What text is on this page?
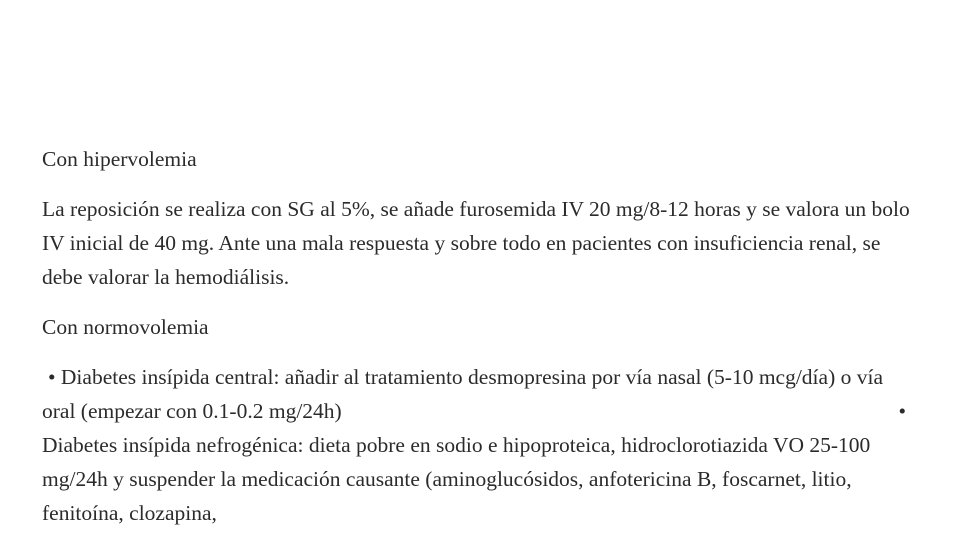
Con hipervolemia

La reposición se realiza con SG al 5%, se añade furosemida IV 20 mg/8-12 horas y se valora un bolo IV inicial de 40 mg. Ante una mala respuesta y sobre todo en pacientes con insuficiencia renal, se debe valorar la hemodiálisis.

Con normovolemia

• Diabetes insípida central: añadir al tratamiento desmopresina por vía nasal (5-10 mcg/día) o vía oral (empezar con 0.1-0.2 mg/24h)	•

Diabetes insípida nefrogénica: dieta pobre en sodio e hipoproteica, hidroclorotiazida VO 25-100 mg/24h y suspender la medicación causante (aminoglucósidos, anfotericina B, foscarnet, litio, fenitoína, clozapina,
